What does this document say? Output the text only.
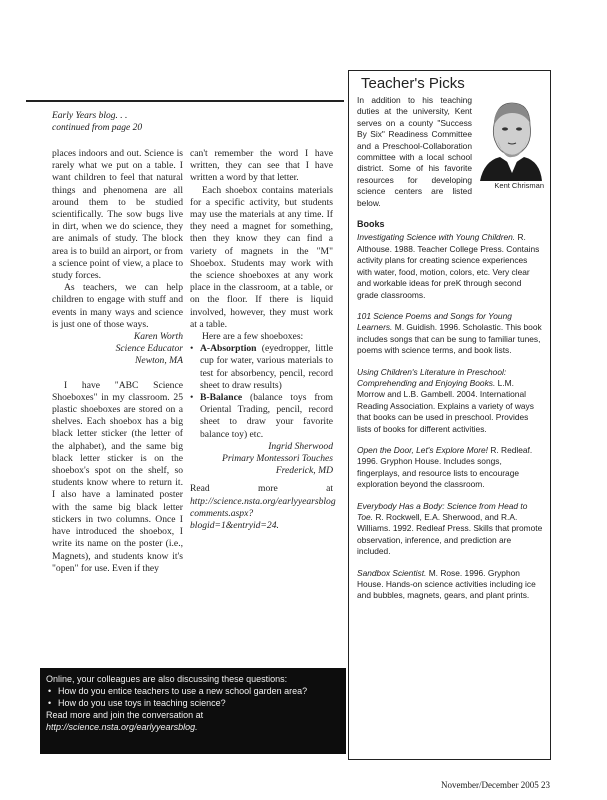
Early Years blog. . .
continued from page 20

places indoors and out. Science is rarely what we put on a table. I want children to feel that natural things and phenomena are all around them to be studied scientifically. The sow bugs live in dirt, when we do science, they are animals of study. The block area is to build an airport, or from a science point of view, a place to study forces.

As teachers, we can help children to engage with stuff and events in many ways and science is just one of those ways.

Karen Worth
Science Educator
Newton, MA

I have "ABC Science Shoeboxes" in my classroom. 25 plastic shoeboxes are stored on a shelves. Each shoebox has a big black letter sticker (the letter of the alphabet), and the same big black letter sticker is on the shoebox's spot on the shelf, so students know where to return it. I also have a laminated poster with the same big black letter stickers in two columns. Once I have introduced the shoebox, I write its name on the poster (i.e., Magnets), and students know it's "open" for use. Even if they

can't remember the word I have written, they can see that I have written a word by that letter.

Each shoebox contains materials for a specific activity, but students may use the materials at any time. If they need a magnet for something, then they know they can find a variety of magnets in the "M" Shoebox. Students may work with the science shoeboxes at any work place in the classroom, at a table, or on the floor. If there is liquid involved, however, they must work at a table.

Here are a few shoeboxes:

• A-Absorption (eyedropper, little cup for water, various materials to test for absorbency, pencil, record sheet to draw results)
• B-Balance (balance toys from Oriental Trading, pencil, record sheet to draw your favorite balance toy) etc.
Ingrid Sherwood
Primary Montessori Touches
Frederick, MD

Read more at http://science.nsta.org/earlyyearsblog comments.aspx?blogid=1&entryid=24.

Online, your colleagues are also discussing these questions:
• How do you entice teachers to use a new school garden area?
• How do you use toys in teaching science?
Read more and join the conversation at http://science.nsta.org/earlyyearsblog.
Teacher's Picks
Kent Chrisman
In addition to his teaching duties at the university, Kent serves on a county "Success By Six" Readiness Committee and a Preschool-Collaboration committee with a local school district. Some of his favorite resources for developing science centers are listed below.
Books
Investigating Science with Young Children. R. Althouse. 1988. Teacher College Press. Contains activity plans for creating science experiences with water, food, motion, colors, etc. Very clear and workable ideas for preK through second grade classrooms.
101 Science Poems and Songs for Young Learners. M. Guidish. 1996. Scholastic. This book includes songs that can be sung to familiar tunes, poems with science terms, and book lists.
Using Children's Literature in Preschool: Comprehending and Enjoying Books. L.M. Morrow and L.B. Gambell. 2004. International Reading Association. Explains a variety of ways that books can be used in preschool. Provides lists of books for different activities.
Open the Door, Let's Explore More! R. Redleaf. 1996. Gryphon House. Includes songs, fingerplays, and resource lists to encourage exploration beyond the classroom.
Everybody Has a Body: Science from Head to Toe. R. Rockwell, E.A. Sherwood, and R.A. Williams. 1992. Redleaf Press. Skills that promote observation, inference, and prediction are included.
Sandbox Scientist. M. Rose. 1996. Gryphon House. Hands-on science activities including ice and bubbles, magnets, gears, and plant prints.
November/December 2005 23
